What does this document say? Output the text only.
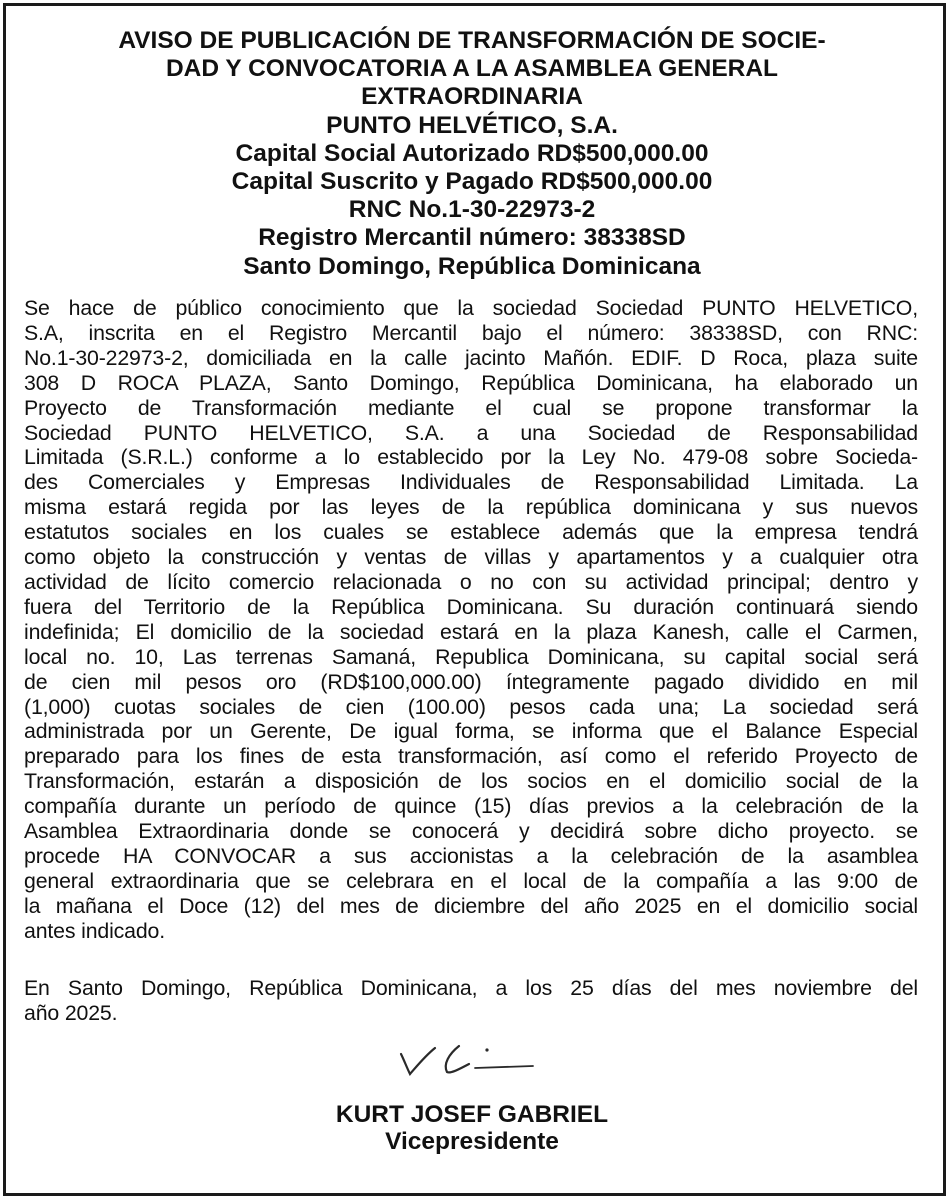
AVISO DE PUBLICACIÓN DE TRANSFORMACIÓN DE SOCIE-
DAD Y CONVOCATORIA A LA ASAMBLEA GENERAL
EXTRAORDINARIA
PUNTO HELVÉTICO, S.A.
Capital Social Autorizado RD$500,000.00
Capital Suscrito y Pagado RD$500,000.00
RNC No.1-30-22973-2
Registro Mercantil número: 38338SD
Santo Domingo, República Dominicana
Se hace de público conocimiento que la sociedad Sociedad PUNTO HELVETICO,
S.A, inscrita en el Registro Mercantil bajo el número: 38338SD, con RNC:
No.1-30-22973-2, domiciliada en la calle jacinto Mañón. EDIF. D Roca, plaza suite
308 D ROCA PLAZA, Santo Domingo, República Dominicana, ha elaborado un
Proyecto de Transformación mediante el cual se propone transformar la
Sociedad PUNTO HELVETICO, S.A. a una Sociedad de Responsabilidad
Limitada (S.R.L.) conforme a lo establecido por la Ley No. 479-08 sobre Socieda-
des Comerciales y Empresas Individuales de Responsabilidad Limitada. La
misma estará regida por las leyes de la república dominicana y sus nuevos
estatutos sociales en los cuales se establece además que la empresa tendrá
como objeto la construcción y ventas de villas y apartamentos y a cualquier otra
actividad de lícito comercio relacionada o no con su actividad principal; dentro y
fuera del Territorio de la República Dominicana. Su duración continuará siendo
indefinida; El domicilio de la sociedad estará en la plaza Kanesh, calle el Carmen,
local no. 10, Las terrenas Samaná, Republica Dominicana, su capital social será
de cien mil pesos oro (RD$100,000.00) íntegramente pagado dividido en mil
(1,000) cuotas sociales de cien (100.00) pesos cada una; La sociedad será
administrada por un Gerente, De igual forma, se informa que el Balance Especial
preparado para los fines de esta transformación, así como el referido Proyecto de
Transformación, estarán a disposición de los socios en el domicilio social de la
compañía durante un período de quince (15) días previos a la celebración de la
Asamblea Extraordinaria donde se conocerá y decidirá sobre dicho proyecto. se
procede HA CONVOCAR a sus accionistas a la celebración de la asamblea
general extraordinaria que se celebrara en el local de la compañía a las 9:00 de
la mañana el Doce (12) del mes de diciembre del año 2025 en el domicilio social
antes indicado.
En Santo Domingo, República Dominicana, a los 25 días del mes noviembre del
año 2025.
KURT JOSEF GABRIEL
Vicepresidente
